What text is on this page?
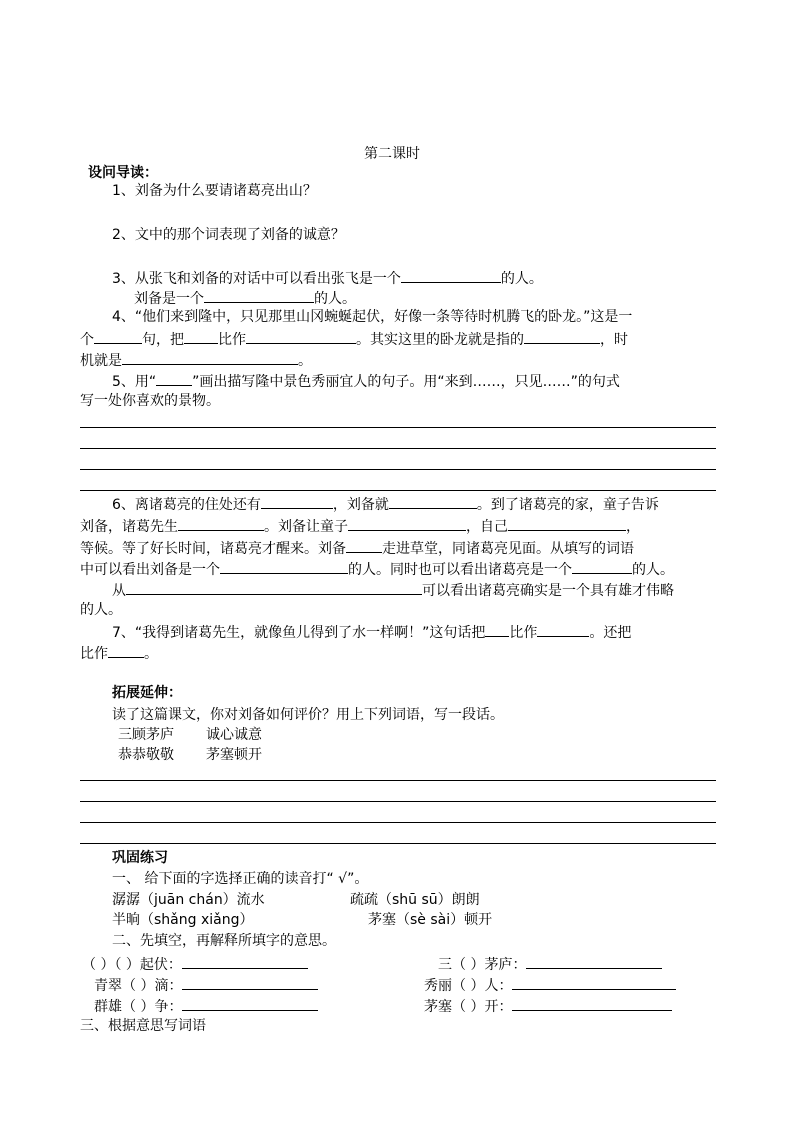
第二课时
设问导读：
1、刘备为什么要请诸葛亮出山？
2、文中的那个词表现了刘备的诚意？
3、从张飞和刘备的对话中可以看出张飞是一个	的人。
刘备是一个	的人。
4、“他们来到隆中，只见那里山冈蜿蜒起伏，好像一条等待时机腾飞的卧龙。”这是一
个	句，把 比作	。其实这里的卧龙就是指的	，时
机就是	。
5、用“	”画出描写隆中景色秀丽宜人的句子。用“来到……，只见……”的句式
写一处你喜欢的景物。
6、离诸葛亮的住处还有	，刘备就	。到了诸葛亮的家，童子告诉
刘备，诸葛先生	。刘备让童子	，自己	，
等候。等了好长时间，诸葛亮才醒来。刘备	走进草堂，同诸葛亮见面。从填写的词语
中可以看出刘备是一个	的人。同时也可以看出诸葛亮是一个	的人。
从	可以看出诸葛亮确实是一个具有雄才伟略
的人。
7、“我得到诸葛先生，就像鱼儿得到了水一样啊！”这句话把 比作	。还把
比作	。
拓展延伸：
读了这篇课文，你对刘备如何评价？用上下列词语，写一段话。
三顾茅庐 诚心诚意
恭恭敬敬 茅塞顿开
巩固练习
一、 给下面的字选择正确的读音打“ √”。
潺潺（juān chán）流水	疏疏（shū sū）朗朗
半晌（shǎng xiǎng）	茅塞（sè sài）顿开
二、先填空，再解释所填字的意思。
（ ）（ ）起伏：	三（ ）茅庐：
青翠（ ）滴：	秀丽（ ）人：
群雄（ ）争：	茅塞（ ）开：
三、根据意思写词语
